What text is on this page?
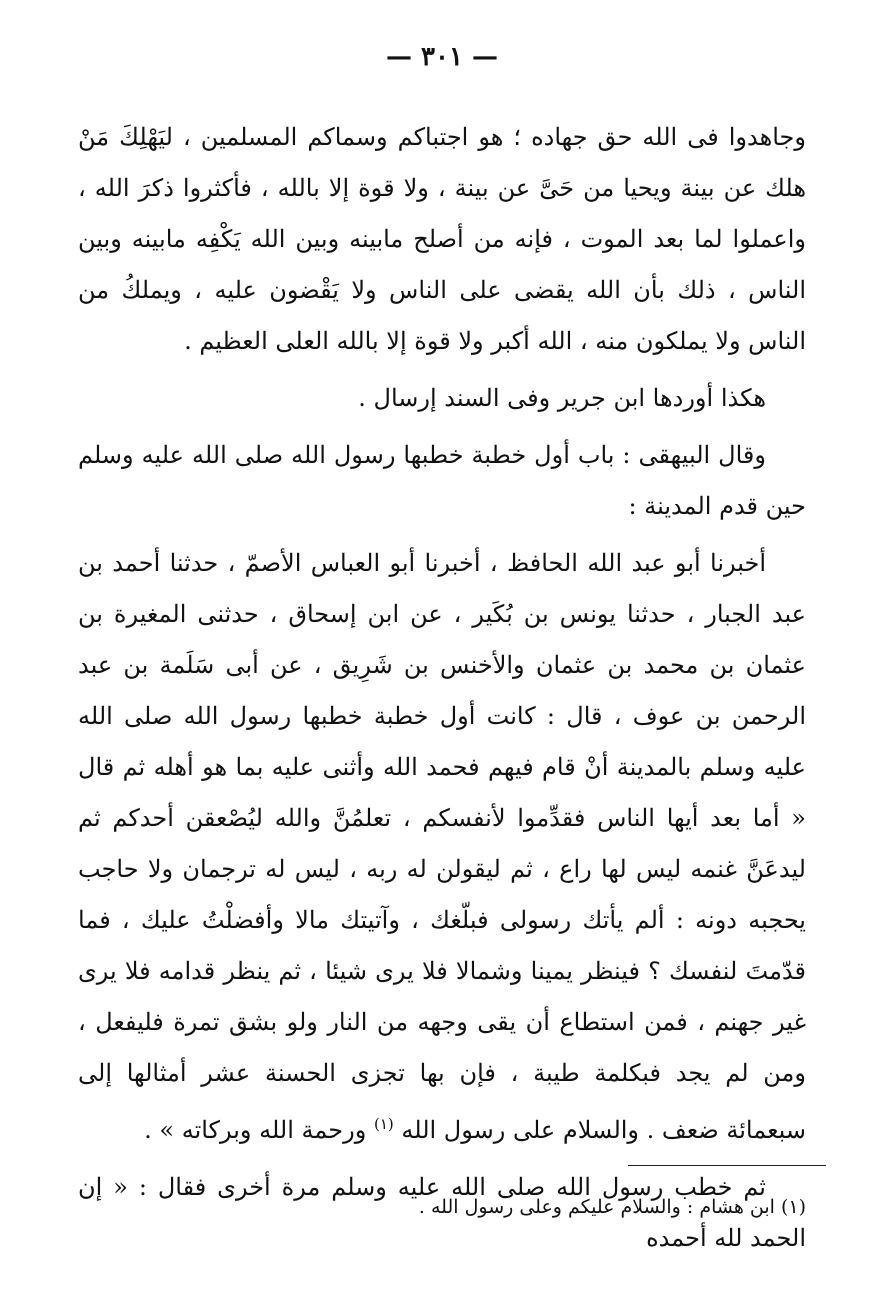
— ٣٠١ —

وجاهدوا فى الله حق جهاده ؛ هو اجتباكم وسماكم المسلمين ، ليَهْلِكَ مَنْ هلك عن بينة ويحيا من حَىَّ عن بينة ، ولا قوة إلا بالله ، فأكثروا ذكرَ الله ، واعملوا لما بعد الموت ، فإنه من أصلح مابينه وبين الله يَكْفِه مابينه وبين الناس ، ذلك بأن الله يقضى على الناس ولا يَقْضون عليه ، ويملكُ من الناس ولا يملكون منه ، الله أكبر ولا قوة إلا بالله العلى العظيم .

هكذا أوردها ابن جرير وفى السند إرسال .

وقال البيهقى : باب أول خطبة خطبها رسول الله صلى الله عليه وسلم حين قدم المدينة :

أخبرنا أبو عبد الله الحافظ ، أخبرنا أبو العباس الأصمّ ، حدثنا أحمد بن عبد الجبار ، حدثنا يونس بن بُكَير ، عن ابن إسحاق ، حدثنى المغيرة بن عثمان بن محمد بن عثمان والأخنس بن شَرِيق ، عن أبى سَلَمة بن عبد الرحمن بن عوف ، قال : كانت أول خطبة خطبها رسول الله صلى الله عليه وسلم بالمدينة أنْ قام فيهم فحمد الله وأثنى عليه بما هو أهله ثم قال « أما بعد أيها الناس فقدِّموا لأنفسكم ، تعلمُنَّ والله ليُصْعقن أحدكم ثم ليدعَنَّ غنمه ليس لها راع ، ثم ليقولن له ربه ، ليس له ترجمان ولا حاجب يحجبه دونه : ألم يأتك رسولى فبلّغك ، وآتيتك مالا وأفضلْتُ عليك ، فما قدّمتَ لنفسك ؟ فينظر يمينا وشمالا فلا يرى شيئا ، ثم ينظر قدامه فلا يرى غير جهنم ، فمن استطاع أن يقى وجهه من النار ولو بشق تمرة فليفعل ، ومن لم يجد فبكلمة طيبة ، فإن بها تجزى الحسنة عشر أمثالها إلى سبعمائة ضعف . والسلام على رسول الله $^{(١)}$ ورحمة الله وبركاته » .

ثم خطب رسول الله صلى الله عليه وسلم مرة أخرى فقال : « إن الحمد لله أحمده

(١) ابن هشام : والسلام عليكم وعلى رسول الله .
